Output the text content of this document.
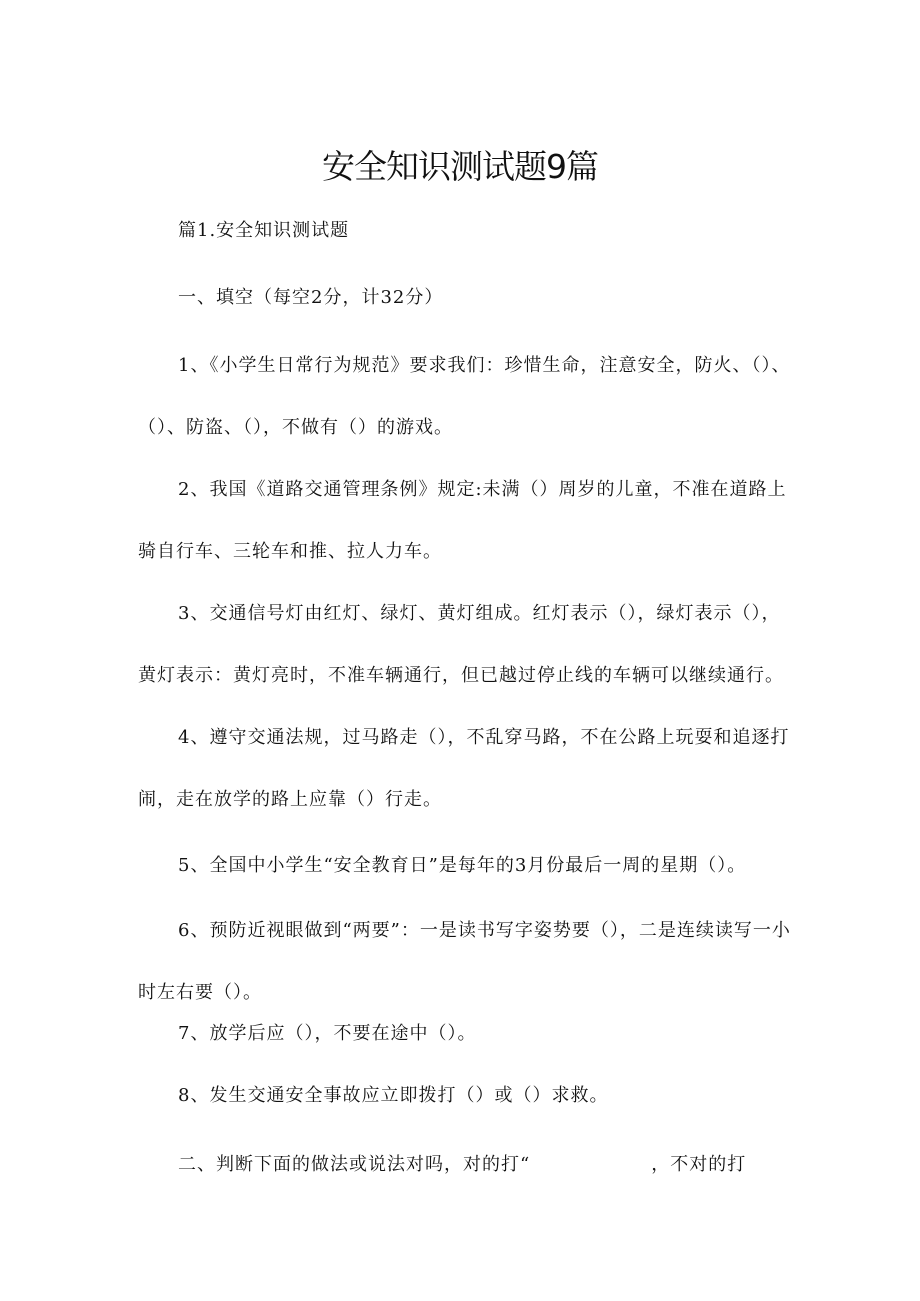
安全知识测试题9篇

篇1.安全知识测试题

一、填空（每空2分，计32分）

1、《小学生日常行为规范》要求我们：珍惜生命，注意安全，防火、（）、（）、防盗、（），不做有（）的游戏。

2、我国《道路交通管理条例》规定:未满（）周岁的儿童，不准在道路上骑自行车、三轮车和推、拉人力车。

3、交通信号灯由红灯、绿灯、黄灯组成。红灯表示（），绿灯表示（），黄灯表示：黄灯亮时，不准车辆通行，但已越过停止线的车辆可以继续通行。

4、遵守交通法规，过马路走（），不乱穿马路，不在公路上玩耍和追逐打闹，走在放学的路上应靠（）行走。

5、全国中小学生“安全教育日”是每年的3月份最后一周的星期（）。

6、预防近视眼做到“两要”：一是读书写字姿势要（），二是连续读写一小时左右要（）。

7、放学后应（），不要在途中（）。

8、发生交通安全事故应立即拨打（）或（）求救。

二、判断下面的做法或说法对吗，对的打“                  ，不对的打
